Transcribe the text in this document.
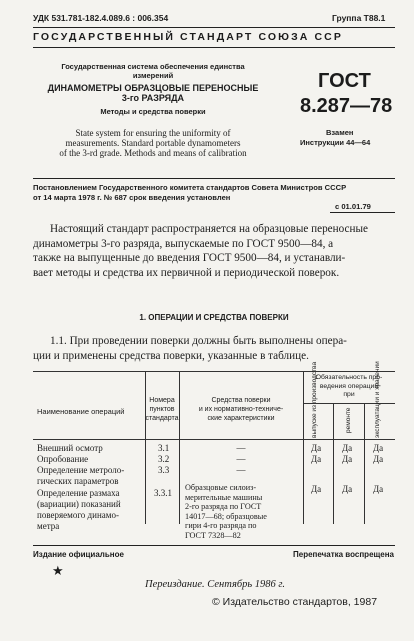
УДК 531.781-182.4.089.6 : 006.354	Группа Т88.1
ГОСУДАРСТВЕННЫЙ СТАНДАРТ СОЮЗА ССР
Государственная система обеспечения единства
измерений
ДИНАМОМЕТРЫ ОБРАЗЦОВЫЕ ПЕРЕНОСНЫЕ
3-го РАЗРЯДА
Методы и средства поверки
State system for ensuring the uniformity of
measurements. Standard portable dynamometers
of the 3-rd grade. Methods and means of calibration
ГОСТ
8.287—78
Взамен
Инструкции 44—64
Постановлением Государственного комитета стандартов Совета Министров СССР
от 14 марта 1978 г. № 687 срок введения установлен
с 01.01.79
Настоящий стандарт распространяется на образцовые переносные
динамометры 3-го разряда, выпускаемые по ГОСТ 9500—84, а
также на выпущенные до введения ГОСТ 9500—84, и устанавли-
вает методы и средства их первичной и периодической поверок.
1. ОПЕРАЦИИ И СРЕДСТВА ПОВЕРКИ
1.1. При проведении поверки должны быть выполнены опера-
ции и применены средства поверки, указанные в таблице.
Наименование операций
Номера
пунктов
стандарта
Средства поверки
и их нормативно-техниче-
ские характеристики
Обязательность про-
ведения операций
при
выпуске из производства	ремонте	эксплуатации и хранении
Внешний осмотр	3.1	—	Да Да Да
Опробование	3.2	—	Да Да Да
Определение метроло-
гических параметров
3.3	—
Определение размаха
(вариации) показаний
поверяемого динамо-
метра
3.3.1
Образцовые силоиз-
мерительные машины
2-го разряда по ГОСТ
14017—68; образцовые
гири 4-го разряда по
ГОСТ 7328—82
Да Да Да
Издание официальное	Перепечатка воспрещена
★
Переиздание. Сентябрь 1986 г.
© Издательство стандартов, 1987
